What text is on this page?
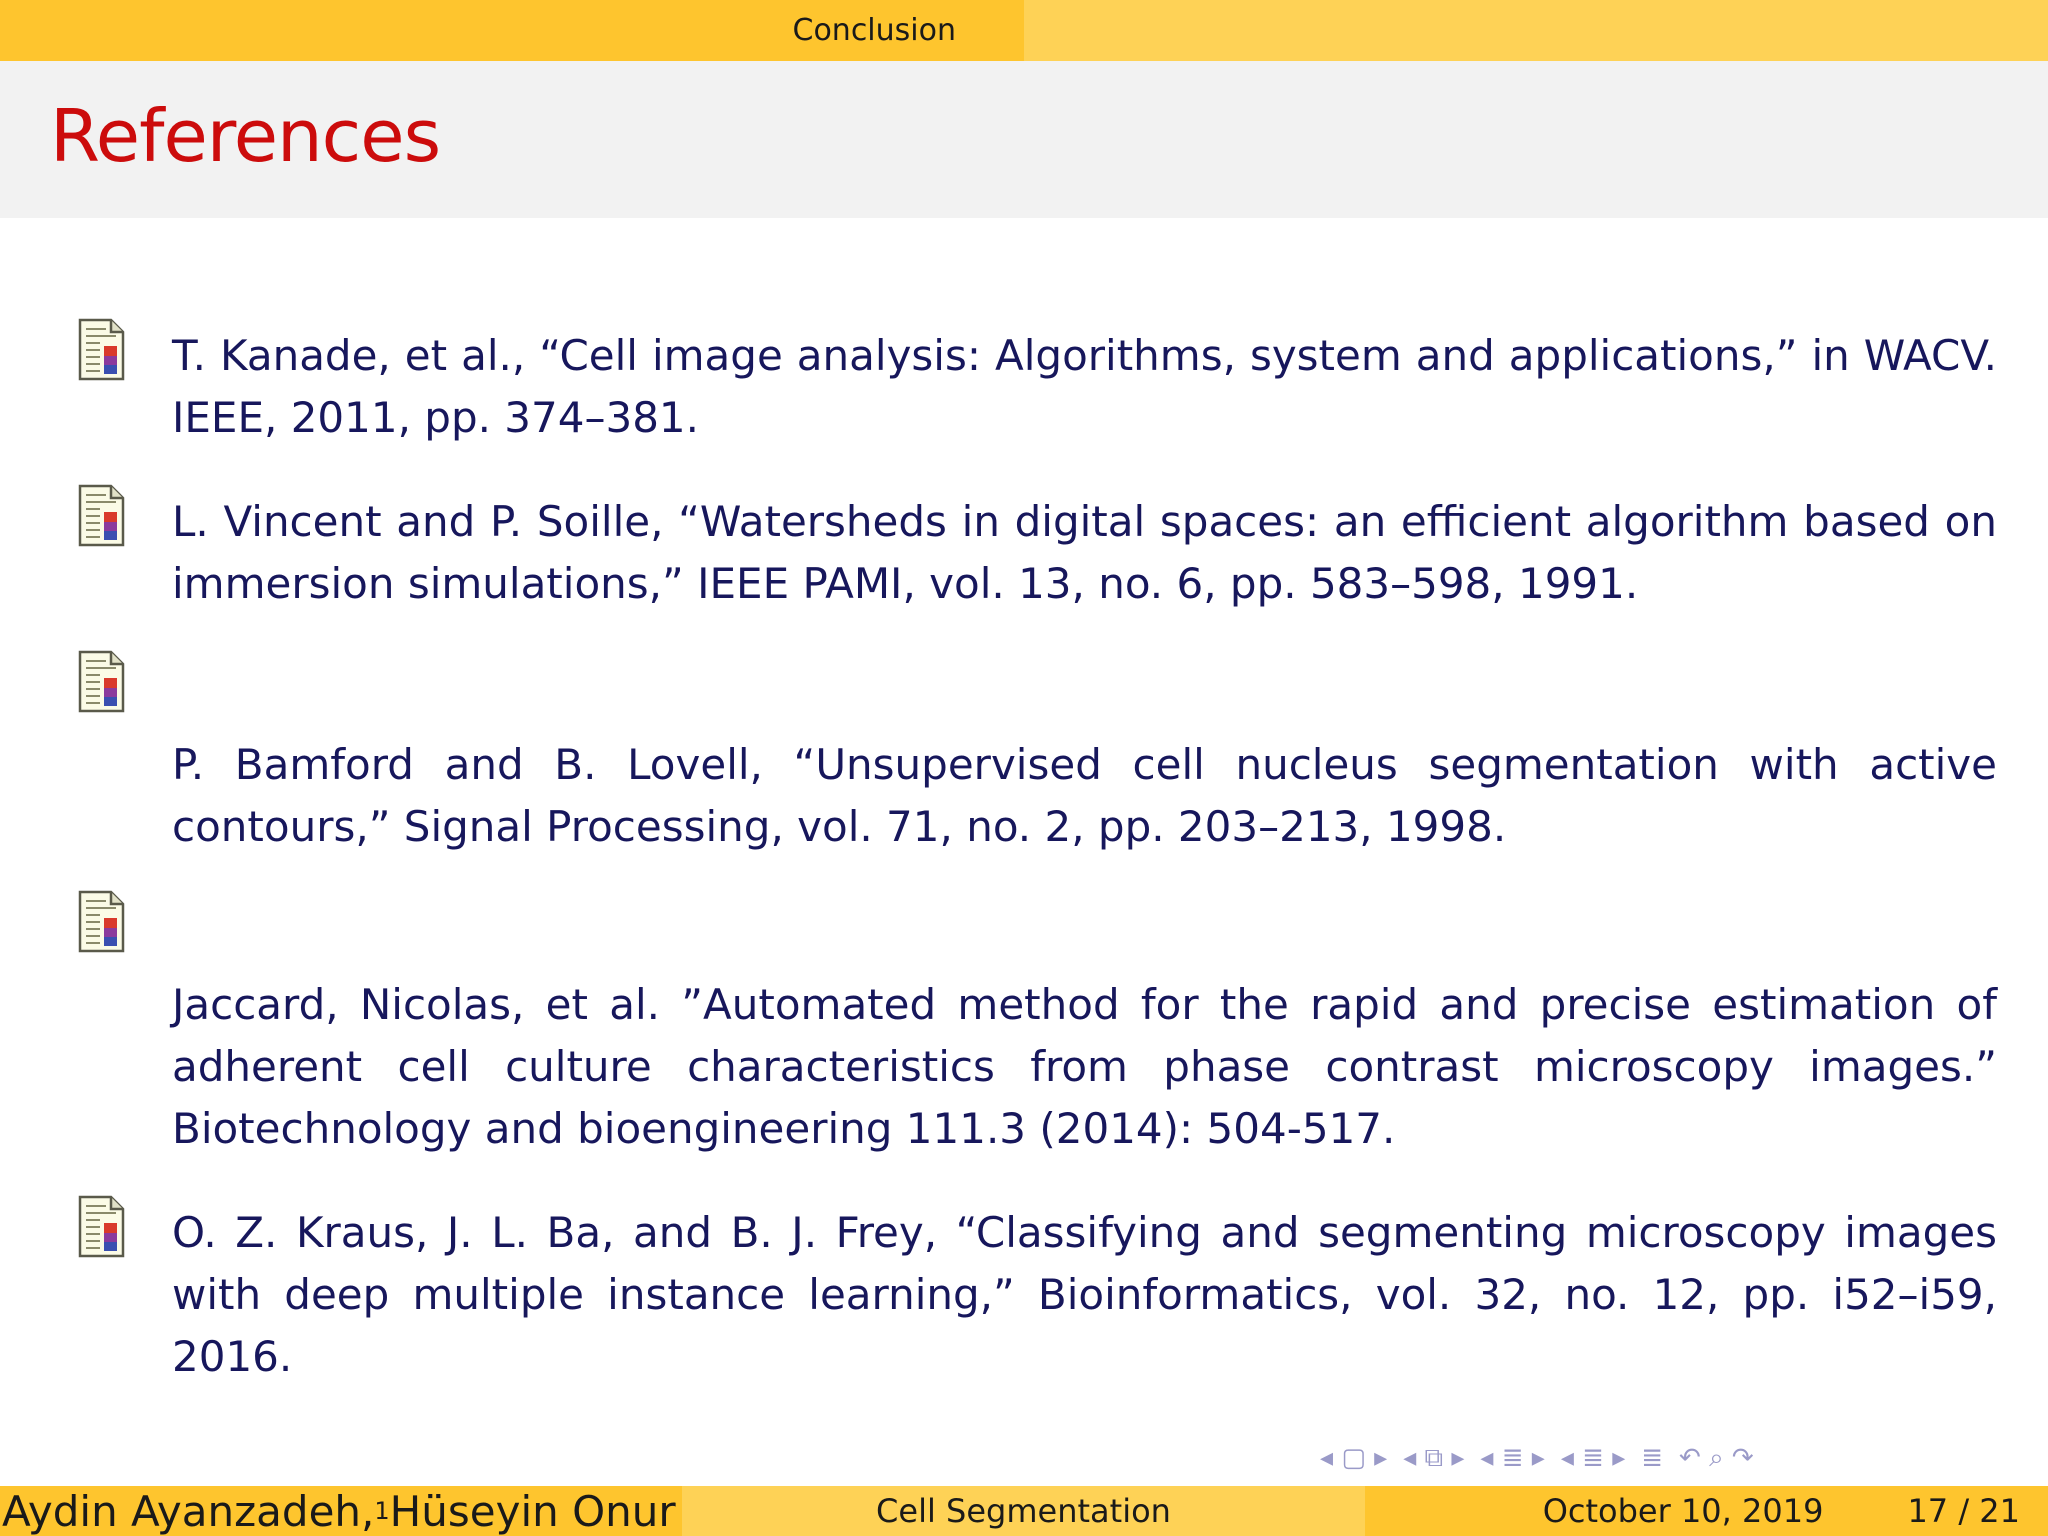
Conclusion
References
T. Kanade, et al., “Cell image analysis: Algorithms, system and applications,” in WACV. IEEE, 2011, pp. 374–381.
L. Vincent and P. Soille, “Watersheds in digital spaces: an efficient algorithm based on immersion simulations,” IEEE PAMI, vol. 13, no. 6, pp. 583–598, 1991.
P. Bamford and B. Lovell, “Unsupervised cell nucleus segmentation with active contours,” Signal Processing, vol. 71, no. 2, pp. 203–213, 1998.
Jaccard, Nicolas, et al. ”Automated method for the rapid and precise estimation of adherent cell culture characteristics from phase contrast microscopy images.” Biotechnology and bioengineering 111.3 (2014): 504-517.
O. Z. Kraus, J. L. Ba, and B. J. Frey, “Classifying and segmenting microscopy images with deep multiple instance learning,” Bioinformatics, vol. 32, no. 12, pp. i52–i59, 2016.
◂ ▢ ▸ ◂ ⧉ ▸ ◂ ≣ ▸ ◂ ≣ ▸ ≣ ↶ ⌕ ↷
Aydin Ayanzadeh, 1 Hüseyin Onur	Cell Segmentation	October 10, 2019	17 / 21
